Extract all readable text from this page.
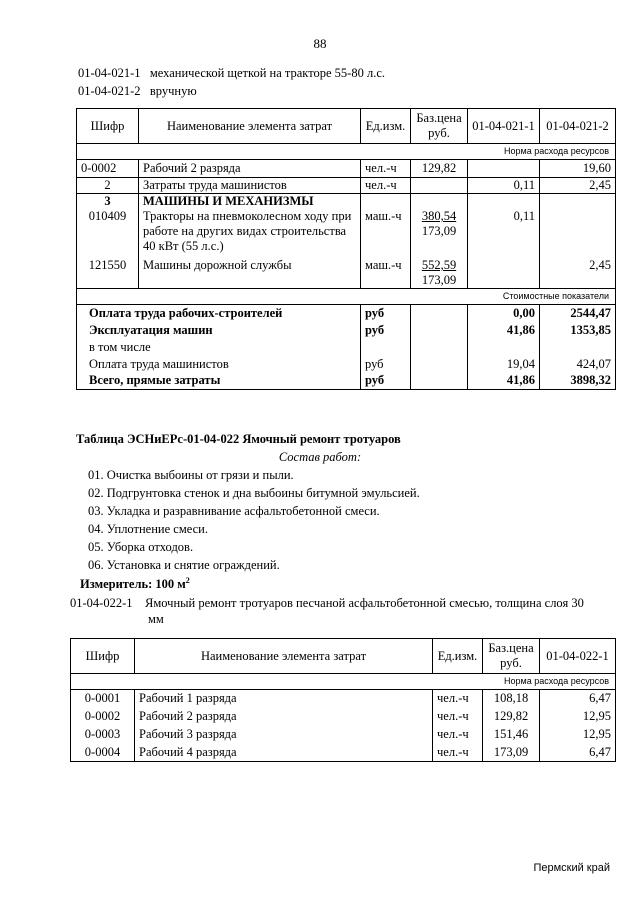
88
01-04-021-1 механической щеткой на тракторе 55-80 л.с.
01-04-021-2 вручную
Шифр	Наименование элемента затрат	Ед.изм.	Баз.цена руб.	01-04-021-1	01-04-021-2
Норма расхода ресурсов					
0-0002	Рабочий 2 разряда	чел.-ч	129,82		19,60
2	Затраты труда машинистов	чел.-ч		0,11	2,45
3	МАШИНЫ И МЕХАНИЗМЫ				
010409	Тракторы на пневмоколесном ходу при работе на других видах строительства 40 кВт (55 л.с.)	маш.-ч	380,54
173,09	0,11	
121550	Машины дорожной службы	маш.-ч	552,59
173,09		2,45
Стоимостные показатели					
Оплата труда рабочих-строителей		руб		0,00	2544,47
Эксплуатация машин		руб		41,86	1353,85
в том числе					
Оплата труда машинистов		руб		19,04	424,07
Всего, прямые затраты		руб		41,86	3898,32
Таблица ЭСНиЕРс-01-04-022 Ямочный ремонт тротуаров
Состав работ:
01. Очистка выбоины от грязи и пыли.
02. Подгрунтовка стенок и дна выбоины битумной эмульсией.
03. Укладка и разравнивание асфальтобетонной смеси.
04. Уплотнение смеси.
05. Уборка отходов.
06. Установка и снятие ограждений.
Измеритель: 100 $м^2$
01-04-022-1 Ямочный ремонт тротуаров песчаной асфальтобетонной смесью, толщина слоя 30
мм
Шифр	Наименование элемента затрат	Ед.изм.	Баз.цена руб.	01-04-022-1
Норма расхода ресурсов				
0-0001	Рабочий 1 разряда	чел.-ч	108,18	6,47
0-0002	Рабочий 2 разряда	чел.-ч	129,82	12,95
0-0003	Рабочий 3 разряда	чел.-ч	151,46	12,95
0-0004	Рабочий 4 разряда	чел.-ч	173,09	6,47
Пермский край
